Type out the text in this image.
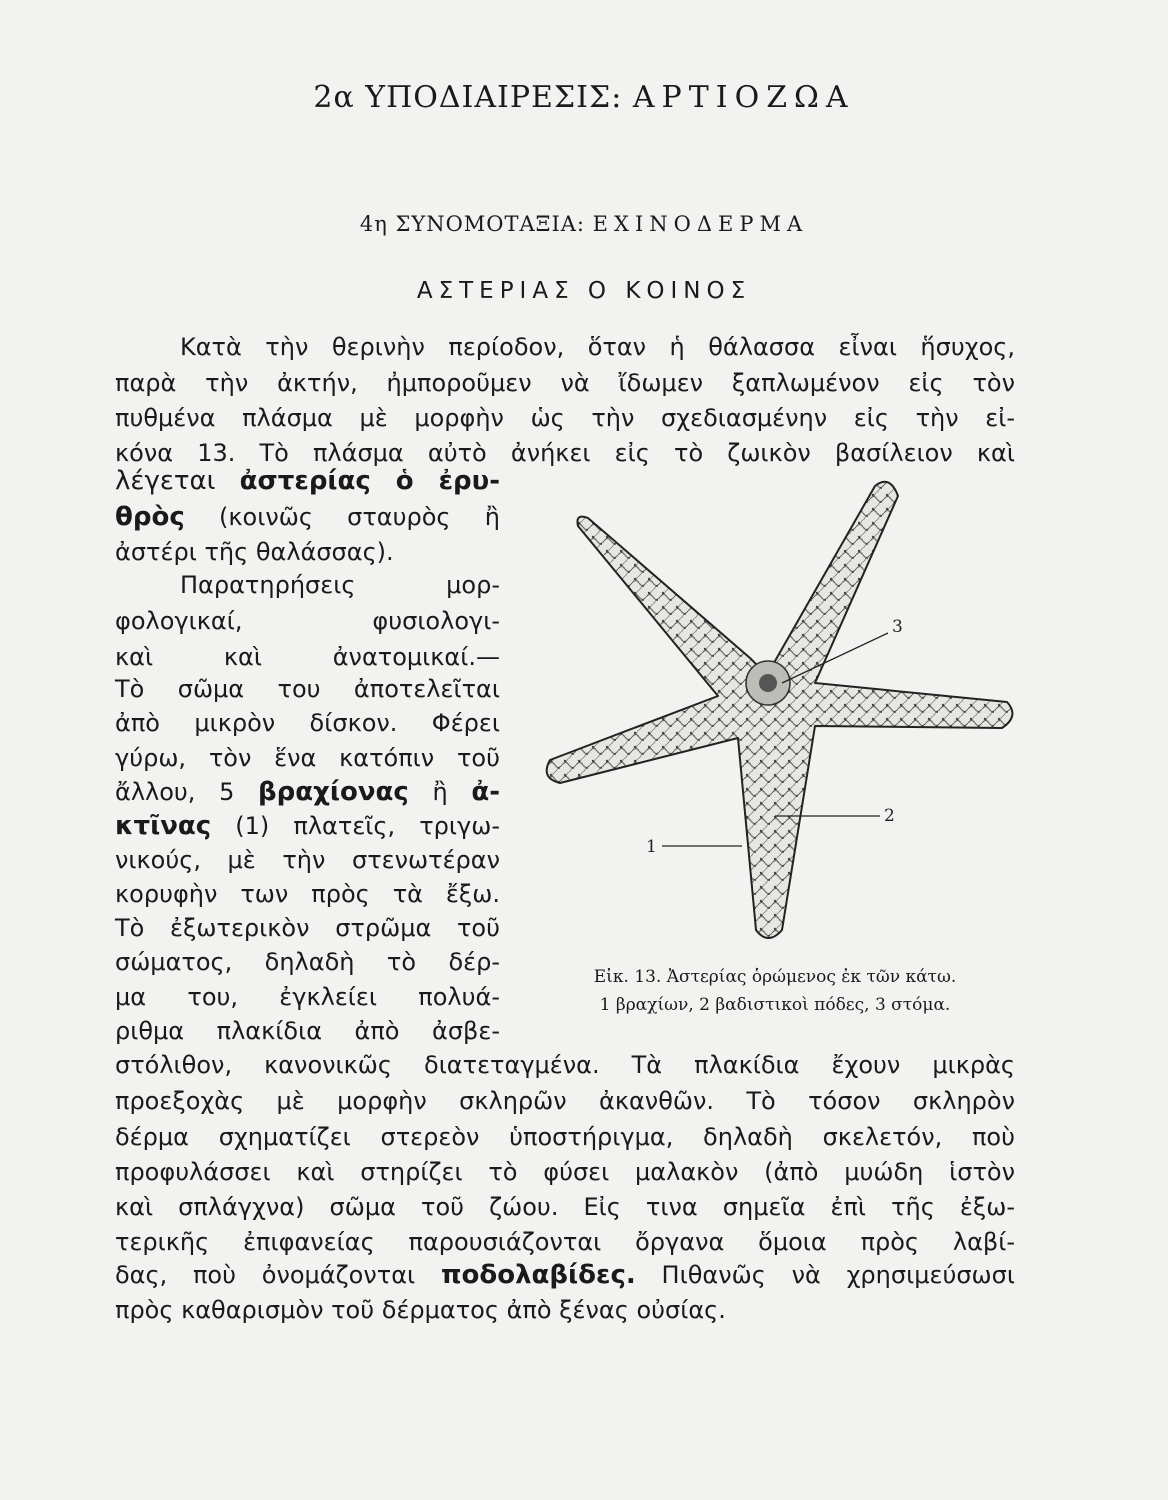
2α ΥΠΟΔΙΑΙΡΕΣΙΣ: ΑΡΤΙΟΖΩΑ
4η ΣΥΝΟΜΟΤΑΞΙΑ: ΕΧΙΝΟΔΕΡΜΑ
ΑΣΤΕΡΙΑΣ Ο ΚΟΙΝΟΣ
Κατὰ τὴν θερινὴν περίοδον, ὅταν ἡ θάλασσα εἶναι ἥσυχος,
παρὰ τὴν ἀκτήν, ἠμποροῦμεν νὰ ἴδωμεν ξαπλωμένον εἰς τὸν
πυθμένα πλάσμα μὲ μορφὴν ὡς τὴν σχεδιασμένην εἰς τὴν εἰ-
κόνα 13. Τὸ πλάσμα αὐτὸ ἀνήκει εἰς τὸ ζωικὸν βασίλειον καὶ
λέγεται ἀστερίας ὁ ἐρυ-
θρὸς (κοινῶς σταυρὸς ἢ
ἀστέρι τῆς θαλάσσας).
Παρατηρήσεις μορ-
φολογικαί, φυσιολογι-
καὶ καὶ ἀνατομικαί.—
Τὸ σῶμα του ἀποτελεῖται
ἀπὸ μικρὸν δίσκον. Φέρει
γύρω, τὸν ἕνα κατόπιν τοῦ
ἄλλου, 5 βραχίονας ἢ ἀ-
κτῖνας (1) πλατεῖς, τριγω-
νικούς, μὲ τὴν στενωτέραν
κορυφὴν των πρὸς τὰ ἔξω.
Τὸ ἐξωτερικὸν στρῶμα τοῦ
σώματος, δηλαδὴ τὸ δέρ-
μα του, ἐγκλείει πολυά-
ριθμα πλακίδια ἀπὸ ἀσβε-
στόλιθον, κανονικῶς διατεταγμένα. Τὰ πλακίδια ἔχουν μικρὰς
προεξοχὰς μὲ μορφὴν σκληρῶν ἀκανθῶν. Τὸ τόσον σκληρὸν
δέρμα σχηματίζει στερεὸν ὑποστήριγμα, δηλαδὴ σκελετόν, ποὺ
προφυλάσσει καὶ στηρίζει τὸ φύσει μαλακὸν (ἀπὸ μυώδη ἱστὸν
καὶ σπλάγχνα) σῶμα τοῦ ζώου. Εἰς τινα σημεῖα ἐπὶ τῆς ἐξω-
τερικῆς ἐπιφανείας παρουσιάζονται ὄργανα ὅμοια πρὸς λαβί-
δας, ποὺ ὀνομάζονται ποδολαβίδες. Πιθανῶς νὰ χρησιμεύσωσι
πρὸς καθαρισμὸν τοῦ δέρματος ἀπὸ ξένας οὐσίας.
3
2
1
Εἰκ. 13. Ἀστερίας ὁρώμενος ἐκ τῶν κάτω.
1 βραχίων, 2 βαδιστικοὶ πόδες, 3 στόμα.
